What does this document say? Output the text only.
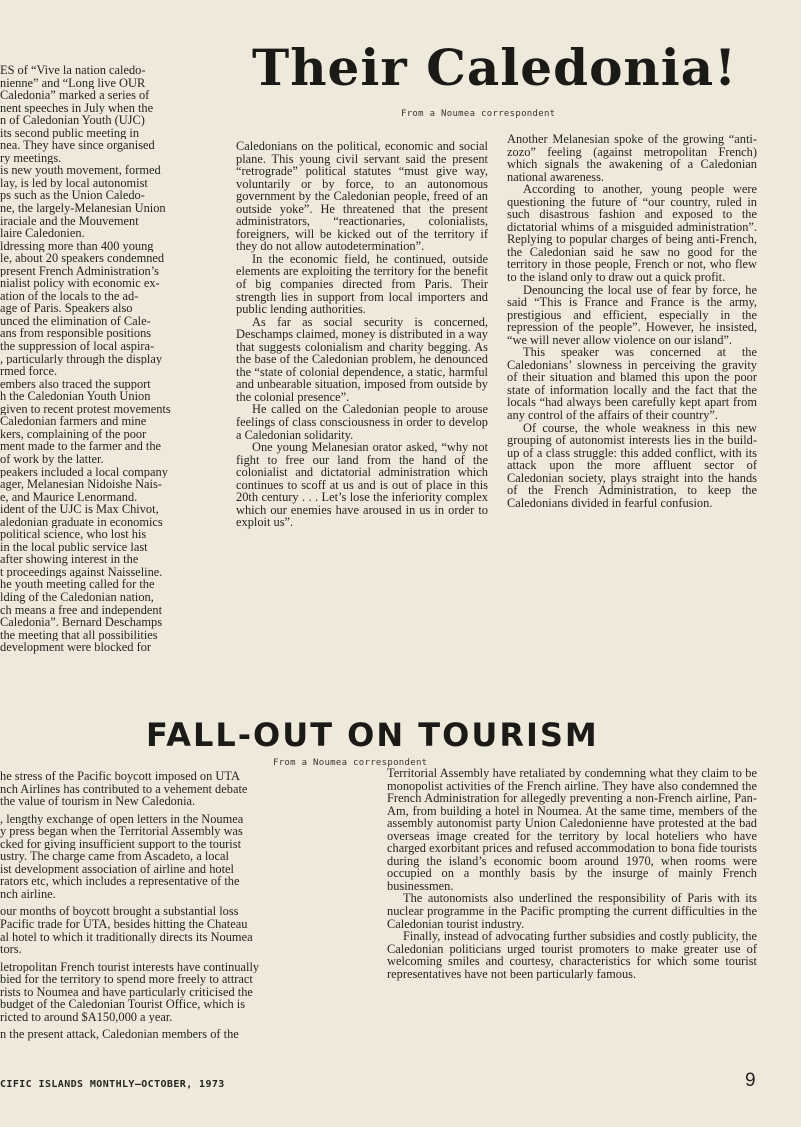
Their Caledonia!
From a Noumea correspondent
ES of “Vive la nation caledo-
nienne” and “Long live OUR
Caledonia” marked a series of
nent speeches in July when the
n of Caledonian Youth (UJC)
its second public meeting in
nea. They have since organised
ry meetings.
is new youth movement, formed
lay, is led by local autonomist
ps such as the Union Caledo-
ne, the largely-Melanesian Union
iraciale and the Mouvement
laire Caledonien.
ldressing more than 400 young
le, about 20 speakers condemned
present French Administration’s
nialist policy with economic ex-
ation of the locals to the ad-
age of Paris. Speakers also
unced the elimination of Cale-
ans from responsible positions
the suppression of local aspira-
, particularly through the display
rmed force.
embers also traced the support
h the Caledonian Youth Union
given to recent protest movements
Caledonian farmers and mine
kers, complaining of the poor
ment made to the farmer and the
of work by the latter.
peakers included a local company
ager, Melanesian Nidoishe Nais-
e, and Maurice Lenormand.
ident of the UJC is Max Chivot,
aledonian graduate in economics
political science, who lost his
in the local public service last
after showing interest in the
t proceedings against Naisseline.
he youth meeting called for the
lding of the Caledonian nation,
ch means a free and independent
Caledonia”. Bernard Deschamps
the meeting that all possibilities
development were blocked for

Caledonians on the political, economic and social plane. This young civil servant said the present “retrograde” political statutes “must give way, voluntarily or by force, to an autonomous government by the Caledonian people, freed of an outside yoke”. He threatened that the present administrators, “reactionaries, colonialists, foreigners, will be kicked out of the territory if they do not allow autodetermination”.

In the economic field, he continued, outside elements are exploiting the territory for the benefit of big companies directed from Paris. Their strength lies in support from local importers and public lending authorities.

As far as social security is concerned, Deschamps claimed, money is distributed in a way that suggests colonialism and charity begging. As the base of the Caledonian problem, he denounced the “state of colonial dependence, a static, harmful and unbearable situation, imposed from outside by the colonial presence”.

He called on the Caledonian people to arouse feelings of class consciousness in order to develop a Caledonian solidarity.

One young Melanesian orator asked, “why not fight to free our land from the hand of the colonialist and dictatorial administration which continues to scoff at us and is out of place in this 20th century . . . Let’s lose the inferiority complex which our enemies have aroused in us in order to exploit us”.

Another Melanesian spoke of the growing “anti-zozo” feeling (against metropolitan French) which signals the awakening of a Caledonian national awareness.

According to another, young people were questioning the future of “our country, ruled in such disastrous fashion and exposed to the dictatorial whims of a misguided administration”. Replying to popular charges of being anti-French, the Caledonian said he saw no good for the territory in those people, French or not, who flew to the island only to draw out a quick profit.

Denouncing the local use of fear by force, he said “This is France and France is the army, prestigious and efficient, especially in the repression of the people”. However, he insisted, “we will never allow violence on our island”.

This speaker was concerned at the Caledonians’ slowness in perceiving the gravity of their situation and blamed this upon the poor state of information locally and the fact that the locals “had always been carefully kept apart from any control of the affairs of their country”.

Of course, the whole weakness in this new grouping of autonomist interests lies in the build-up of a class struggle: this added conflict, with its attack upon the more affluent sector of Caledonian society, plays straight into the hands of the French Administration, to keep the Caledonians divided in fearful confusion.

FALL-OUT ON TOURISM
From a Noumea correspondent
he stress of the Pacific boycott imposed on UTA
nch Airlines has contributed to a vehement debate
the value of tourism in New Caledonia.
, lengthy exchange of open letters in the Noumea
y press began when the Territorial Assembly was
cked for giving insufficient support to the tourist
ustry. The charge came from Ascadeto, a local
ist development association of airline and hotel
rators etc, which includes a representative of the
nch airline.
our months of boycott brought a substantial loss
Pacific trade for UTA, besides hitting the Chateau
al hotel to which it traditionally directs its Noumea
tors.
letropolitan French tourist interests have continually
bied for the territory to spend more freely to attract
rists to Noumea and have particularly criticised the
budget of the Caledonian Tourist Office, which is
ricted to around $A150,000 a year.
n the present attack, Caledonian members of the

Territorial Assembly have retaliated by condemning what they claim to be monopolist activities of the French airline. They have also condemned the French Administration for allegedly preventing a non-French airline, Pan-Am, from building a hotel in Noumea. At the same time, members of the assembly autonomist party Union Caledonienne have protested at the bad overseas image created for the territory by local hoteliers who have charged exorbitant prices and refused accommodation to bona fide tourists during the island’s economic boom around 1970, when rooms were occupied on a monthly basis by the insurge of mainly French businessmen.

The autonomists also underlined the responsibility of Paris with its nuclear programme in the Pacific prompting the current difficulties in the Caledonian tourist industry.

Finally, instead of advocating further subsidies and costly publicity, the Caledonian politicians urged tourist promoters to make greater use of welcoming smiles and courtesy, characteristics for which some tourist representatives have not been particularly famous.

CIFIC ISLANDS MONTHLY—OCTOBER, 1973	9
